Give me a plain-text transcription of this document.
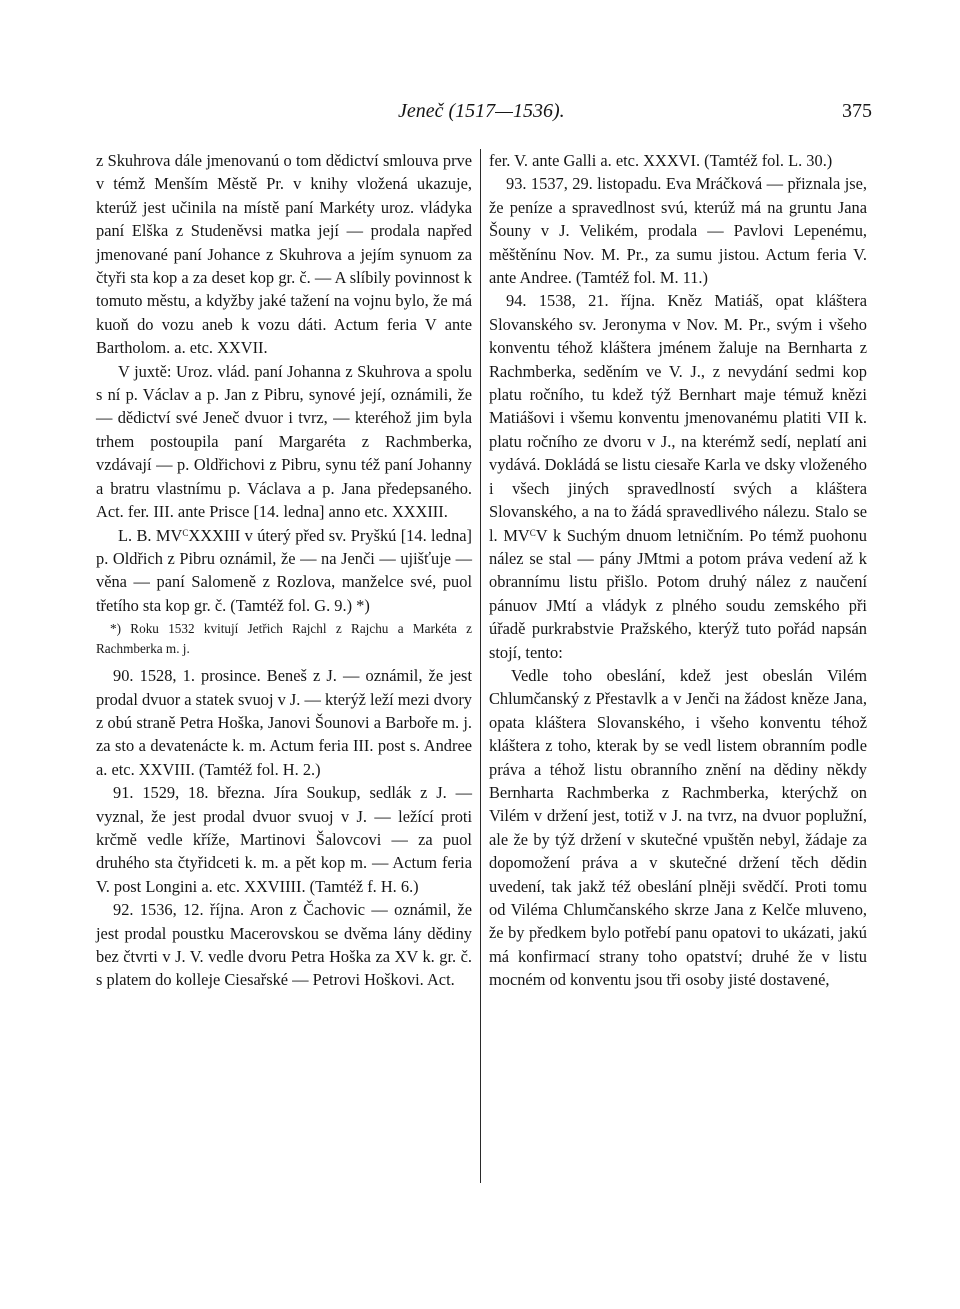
Jeneč (1517—1536).	375

z Skuhrova dále jmenovanú o tom dědictví smlouva prve v témž Menším Městě Pr. v knihy vložená ukazuje, kterúž jest učinila na místě paní Markéty uroz. vládyka paní Elška z Studeněvsi matka její — prodala napřed jmenované paní Johance z Skuhrova a jejím synuom za čtyři sta kop a za deset kop gr. č. — A slíbily povinnost k tomuto městu, a kdyžby jaké tažení na vojnu bylo, že má kuoň do vozu aneb k vozu dáti. Actum feria V ante Bartholom. a. etc. XXVII.

V juxtě: Uroz. vlád. paní Johanna z Skuhrova a spolu s ní p. Václav a p. Jan z Pibru, synové její, oznámili, že — dědictví své Jeneč dvuor i tvrz, — kteréhož jim byla trhem postoupila paní Margaréta z Rachmberka, vzdávají — p. Oldřichovi z Pibru, synu též paní Johanny a bratru vlastnímu p. Václava a p. Jana předepsaného. Act. fer. III. ante Prisce [14. ledna] anno etc. XXXIII.

L. B. $MV^CXXXIII$ v úterý před sv. Pryškú [14. ledna] p. Oldřich z Pibru oznámil, že — na Jenči — ujišťuje — věna — paní Salomeně z Rozlova, manželce své, puol třetího sta kop gr. č. (Tamtéž fol. G. 9.) *)

*) Roku 1532 kvitují Jetřich Rajchl z Rajchu a Markéta z Rachmberka m. j.

90. 1528, 1. prosince. Beneš z J. — oznámil, že jest prodal dvuor a statek svuoj v J. — kterýž leží mezi dvory z obú straně Petra Hoška, Janovi Šounovi a Barboře m. j. za sto a devatenácte k. m. Actum feria III. post s. Andree a. etc. XXVIII. (Tamtéž fol. H. 2.)

91. 1529, 18. března. Jíra Soukup, sedlák z J. — vyznal, že jest prodal dvuor svuoj v J. — ležící proti krčmě vedle kříže, Martinovi Šalovcovi — za puol druhého sta čtyřidceti k. m. a pět kop m. — Actum feria V. post Longini a. etc. XXVIIII. (Tamtéž f. H. 6.)

92. 1536, 12. října. Aron z Čachovic — oznámil, že jest prodal poustku Macerovskou se dvěma lány dědiny bez čtvrti v J. V. vedle dvoru Petra Hoška za XV k. gr. č. s platem do kolleje Ciesařské — Petrovi Hoškovi. Act.

fer. V. ante Galli a. etc. XXXVI. (Tamtéž fol. L. 30.)

93. 1537, 29. listopadu. Eva Mráčková — přiznala jse, že peníze a spravedlnost svú, kterúž má na gruntu Jana Šouny v J. Velikém, prodala — Pavlovi Lepenému, měštěnínu Nov. M. Pr., za sumu jistou. Actum feria V. ante Andree. (Tamtéž fol. M. 11.)

94. 1538, 21. října. Kněz Matiáš, opat kláštera Slovanského sv. Jeronyma v Nov. M. Pr., svým i všeho konventu téhož kláštera jménem žaluje na Bernharta z Rachmberka, seděním ve V. J., z nevydání sedmi kop platu ročního, tu kdež týž Bernhart maje témuž knězi Matiášovi i všemu konventu jmenovanému platiti VII k. platu ročního ze dvoru v J., na kterémž sedí, neplatí ani vydává. Dokládá se listu ciesaře Karla ve dsky vloženého i všech jiných spravedlností svých a kláštera Slovanského, a na to žádá spravedlivého nálezu. Stalo se l. $MV^CV$ k Suchým dnuom letničním. Po témž puohonu nález se stal — pány JMtmi a potom práva vedení až k obrannímu listu přišlo. Potom druhý nález z naučení pánuov JMtí a vládyk z plného soudu zemského při úřadě purkrabstvie Pražského, kterýž tuto pořád napsán stojí, tento:

Vedle toho obeslání, kdež jest obeslán Vilém Chlumčanský z Přestavlk a v Jenči na žádost kněze Jana, opata kláštera Slovanského, i všeho konventu téhož kláštera z toho, kterak by se vedl listem obranním podle práva a téhož listu obranního znění na dědiny někdy Bernharta Rachmberka z Rachmberka, kterýchž on Vilém v držení jest, totiž v J. na tvrz, na dvuor poplužní, ale že by týž držení v skutečné vpuštěn nebyl, žádaje za dopomožení práva a v skutečné držení těch dědin uvedení, tak jakž též obeslání plněji svědčí. Proti tomu od Viléma Chlumčanského skrze Jana z Kelče mluveno, že by předkem bylo potřebí panu opatovi to ukázati, jakú má konfirmací strany toho opatství; druhé že v listu mocném od konventu jsou tři osoby jisté dostavené,
